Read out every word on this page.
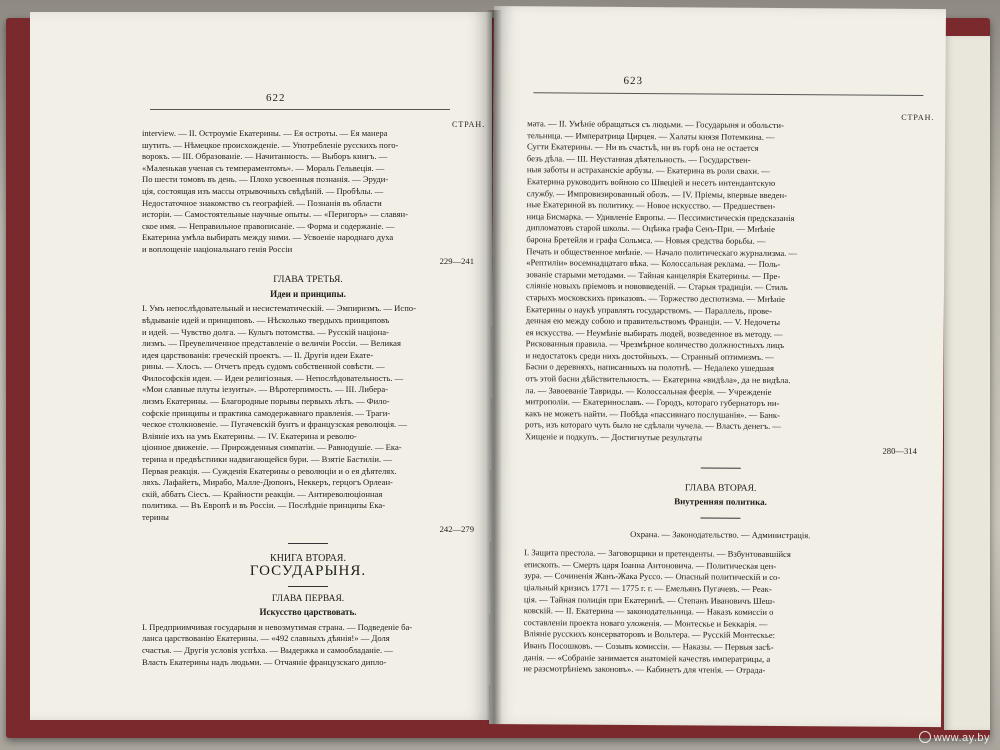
622
СТРАН.
interview. — II. Остроуміе Екатерины. — Ея остроты. — Ея манера
шутить. — Нѣмецкое происхожденіе. — Употребленіе русскихъ пого-
ворокъ. — III. Образованіе. — Начитанность. — Выборъ книгъ. —
«Маленькая ученая съ темпераментомъ». — Мораль Гельвеція. —
По шести томовъ въ день. — Плохо усвоенныя познанія. — Эруди-
ція, состоящая изъ массы отрывочныхъ свѣдѣній. — Пробѣлы. —
Недостаточное знакомство съ географіей. — Познанія въ области
исторіи. — Самостоятельные научные опыты. — «Перигоръ» — славян-
ское имя. — Неправильное правописаніе. — Форма и содержаніе. —
Екатерина умѣла выбирать между ними. — Усвоеніе народнаго духа
и воплощеніе національнаго генія Россіи
229—241
ГЛАВА ТРЕТЬЯ.
Идеи и принципы.
I. Умъ непослѣдовательный и несистематическій. — Эмпиризмъ. — Испо-
вѣдываніе идей и принциповъ. — Нѣсколько твердыхъ принциповъ
и идей. — Чувство долга. — Культъ потомства. — Русскій націона-
лизмъ. — Преувеличенное представленіе о величіи Россіи. — Великая
идея царствованія: греческій проектъ. — II. Другія идеи Екате-
рины. — Хлосъ. — Отчетъ предъ судомъ собственной совѣсти. —
Философскія идеи. — Идеи религіозныя. — Непослѣдовательность. —
«Мои славные плуты іезуиты». — Вѣротерпимость. — III. Либера-
лизмъ Екатерины. — Благородные порывы первыхъ лѣтъ. — Фило-
софскіе принципы и практика самодержавнаго правленія. — Траги-
ческое столкновеніе. — Пугачевскій бунтъ и французская революція. —
Вліяніе ихъ на умъ Екатерины. — IV. Екатерина и револю-
ціонное движеніе. — Прирожденныя симпатіи. — Равнодушіе. — Ека-
терина и предвѣстники надвигающейся бури. — Взятіе Бастиліи. —
Первая реакція. — Сужденія Екатерины о революціи и о ея дѣятелях.
ляхъ. Лафайетъ, Мирабо, Малле-Дюпонъ, Неккеръ, герцогъ Орлеан-
скій, аббатъ Сіесъ. — Крайности реакціи. — Антиреволюціонная
политика. — Въ Европѣ и въ Россіи. — Послѣдніе принципы Ека-
терины
242—279
КНИГА ВТОРАЯ.
ГОСУДАРЫНЯ.
ГЛАВА ПЕРВАЯ.
Искусство царствовать.
I. Предприимчивая государыня и невозмутимая страна. — Подведеніе ба-
ланса царствованію Екатерины. — «492 славныхъ дѣянія!» — Доля
счастья. — Другія условія успѣха. — Выдержка и самообладаніе. —
Власть Екатерины надъ людьми. — Отчаяніе французскаго дипло-
623
СТРАН.
мата. — II. Умѣніе обращаться съ людьми. — Государыня и обольсти-
тельница. — Императрица Цирцея. — Халаты князя Потемкина. —
Сугти Екатерины. — Ни въ счастьѣ, ни въ горѣ она не остается
безъ дѣла. — III. Неустанная дѣятельность. — Государствен-
ныя заботы и астраханскіе арбузы. — Екатерина въ роли свахи. —
Екатерина руководитъ войною со Швеціей и несетъ интендантскую
службу. — Импровизированный обозъ. — IV. Пріемы, впервые введен-
ные Екатериной въ политику. — Новое искусство. — Предшествен-
ница Бисмарка. — Удивленіе Европы. — Пессимистическія предсказанія
дипломатовъ старой школы. — Оцѣнка графа Сенъ-При. — Мнѣніе
барона Бретейля и графа Сольмса. — Новыя средства борьбы. —
Печать и общественное мнѣніе. — Начало политическаго журнализма. —
«Рептиліи» восемнадцатаго вѣка. — Колоссальная реклама. — Поль-
зованіе старыми методами. — Тайная канцелярія Екатерины. — Пре-
сліяніе новыхъ пріемовъ и нововведеній. — Старыя традиціи. — Стиль
старыхъ московскихъ приказовъ. — Торжество деспотизма. — Мнѣніе
Екатерины о наукѣ управлять государствомъ. — Параллель, прове-
денная ею между собою и правительствомъ Франціи. — V. Недочеты
ея искусства. — Неумѣніе выбирать людей, возведенное въ методу. —
Рискованныя правила. — Чрезмѣрное количество должностныхъ лицъ
и недостатокъ среди нихъ достойныхъ. — Странный оптимизмъ. —
Басни о деревняхъ, написанныхъ на полотнѣ. — Недалеко ушедшая
отъ этой басни дѣйствительность. — Екатерина «видѣла», да не видѣла.
ла. — Завоеваніе Тавриды. — Колоссальная феерія. — Учрежденіе
митрополіи. — Екатеринославъ. — Городъ, котораго губернаторъ ни-
какъ не можетъ найти. — Побѣда «пассивнаго послушанія». — Банк-
ротъ, изъ котораго чуть было не сдѣлали чучела. — Власть денегъ. —
Хищеніе и подкупъ. — Достигнутые результаты
280—314
ГЛАВА ВТОРАЯ.
Внутренняя политика.
Охрана. — Законодательство. — Администрація.
I. Защита престола. — Заговорщики и претенденты. — Взбунтовавшійся
епископъ. — Смерть царя Іоанна Антоновича. — Политическая цен-
зура. — Сочиненія Жанъ-Жака Руссо. — Опасный политическій и со-
ціальный кризисъ 1771 — 1775 г. г. — Емельянъ Пугачевъ. — Реак-
ція. — Тайная полиція при Екатеринѣ. — Степанъ Ивановичъ Шеш-
ковскій. — II. Екатерина — законодательница. — Наказъ комиссіи о
составленіи проекта новаго уложенія. — Монтескье и Беккарія. —
Вліяніе русскихъ консерваторовъ и Вольтера. — Русскій Монтескье:
Иванъ Посошковъ. — Созывъ комиссіи. — Наказы. — Первыя засѣ-
данія. — «Собраніе занимается анатоміей качествъ императрицы, а
не разсмотрѣніемъ законовъ». — Кабинетъ для чтенія. — Отрада-
www.ay.by
